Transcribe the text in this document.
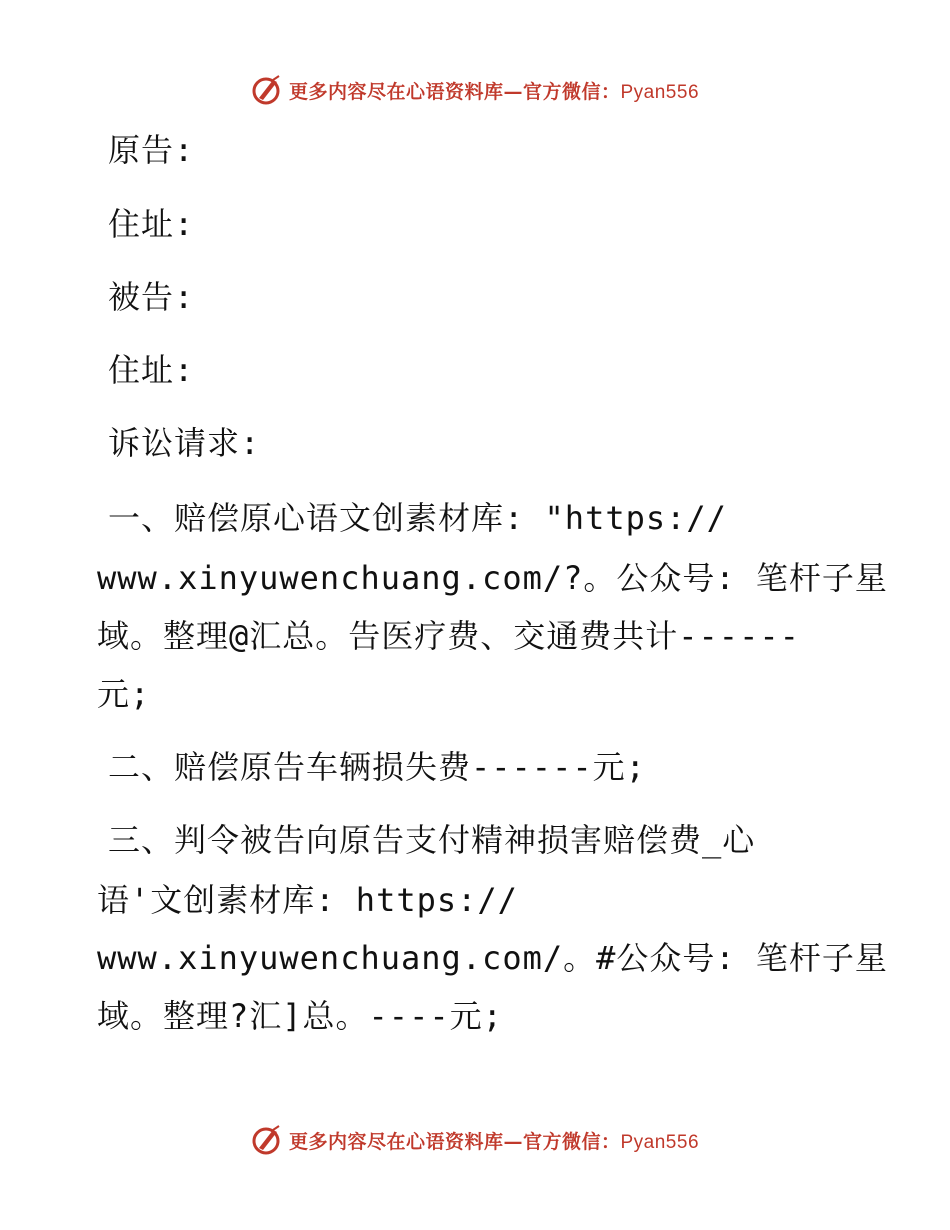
更多内容尽在心语资料库—官方微信：Pyan556
原告:
住址:
被告:
住址:
诉讼请求:
一、赔偿原心语文创素材库: "https://
www.xinyuwenchuang.com/?。公众号: 笔杆子星
域。整理@汇总。告医疗费、交通费共计------
元;
二、赔偿原告车辆损失费------元;
三、判令被告向原告支付精神损害赔偿费_心
语'文创素材库: https://
www.xinyuwenchuang.com/。#公众号: 笔杆子星
域。整理?汇]总。----元;
更多内容尽在心语资料库—官方微信：Pyan556
